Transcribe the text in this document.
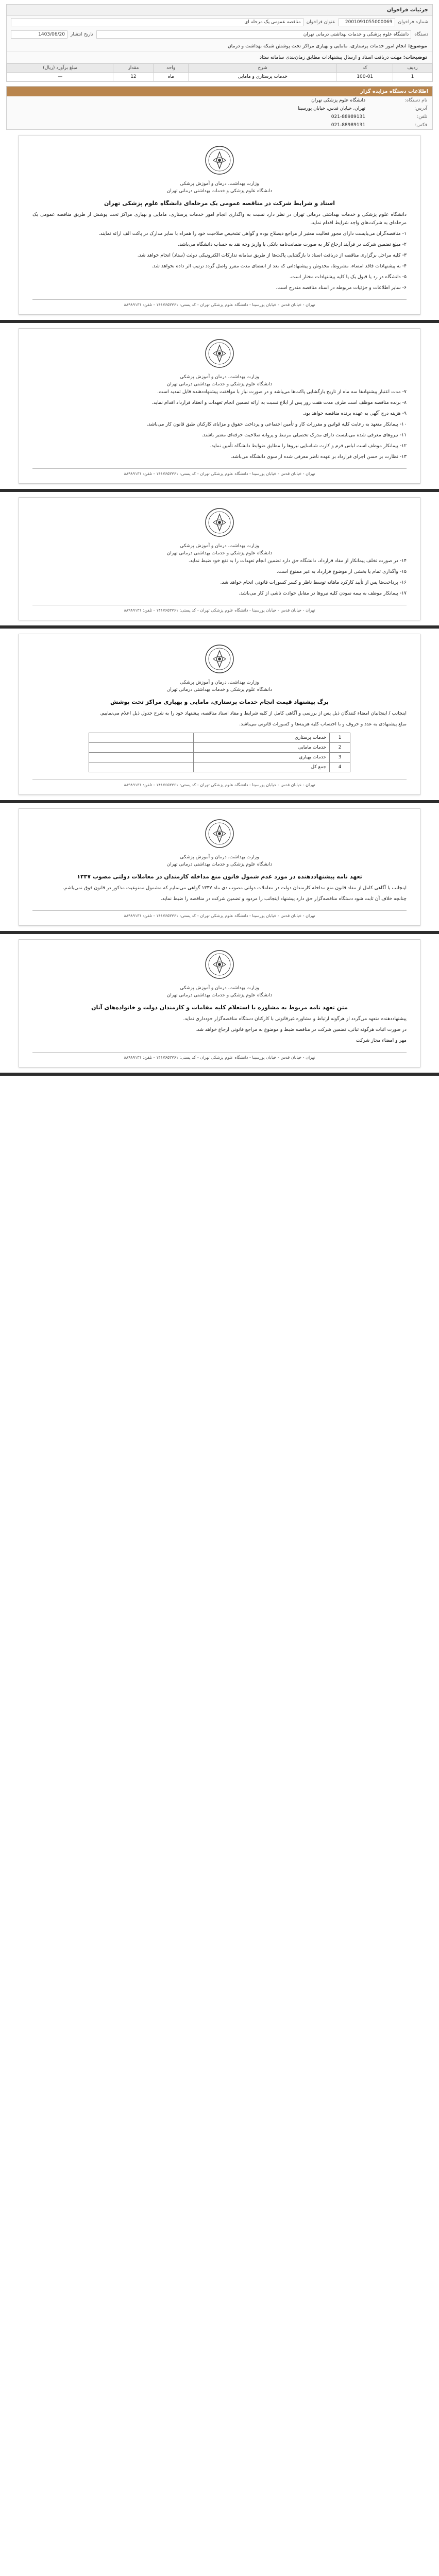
جزئیات فراخوان
شماره فراخوان
2001091055000069
عنوان فراخوان
مناقصه عمومی یک مرحله ای
دستگاه
دانشگاه علوم پزشکی و خدمات بهداشتی درمانی تهران
تاریخ انتشار
1403/06/20
موضوع: انجام امور خدمات پرستاری، مامایی و بهیاری مراکز تحت پوشش شبکه بهداشت و درمان
توضیحات: مهلت دریافت اسناد و ارسال پیشنهادات مطابق زمان‌بندی سامانه ستاد
ردیف	کد	شرح	واحد	مقدار	مبلغ برآورد (ریال)
1	100-01	خدمات پرستاری و مامایی	ماه	12	—
اطلاعات دستگاه مزایده گزار
نام دستگاه:
دانشگاه علوم پزشکی تهران
آدرس:
تهران، خیابان قدس، خیابان پورسینا
تلفن:
021-88989131
فکس:
021-88989131
وزارت بهداشت، درمان و آموزش پزشکی
دانشگاه علوم پزشکی و خدمات بهداشتی درمانی تهران
اسناد و شرایط شرکت در مناقصه عمومی یک مرحله‌ای دانشگاه علوم پزشکی تهران

دانشگاه علوم پزشکی و خدمات بهداشتی درمانی تهران در نظر دارد نسبت به واگذاری انجام امور خدمات پرستاری، مامایی و بهیاری مراکز تحت پوشش از طریق مناقصه عمومی یک مرحله‌ای به شرکت‌های واجد شرایط اقدام نماید.

۱- مناقصه‌گران می‌بایست دارای مجوز فعالیت معتبر از مراجع ذیصلاح بوده و گواهی تشخیص صلاحیت خود را همراه با سایر مدارک در پاکت الف ارائه نمایند.

۲- مبلغ تضمین شرکت در فرآیند ارجاع کار به صورت ضمانت‌نامه بانکی یا واریز وجه نقد به حساب دانشگاه می‌باشد.

۳- کلیه مراحل برگزاری مناقصه از دریافت اسناد تا بازگشایی پاکت‌ها از طریق سامانه تدارکات الکترونیکی دولت (ستاد) انجام خواهد شد.

۴- به پیشنهادات فاقد امضاء، مشروط، مخدوش و پیشنهاداتی که بعد از انقضای مدت مقرر واصل گردد ترتیب اثر داده نخواهد شد.

۵- دانشگاه در رد یا قبول یک یا کلیه پیشنهادات مختار است.

۶- سایر اطلاعات و جزئیات مربوطه در اسناد مناقصه مندرج است.

تهران - خیابان قدس - خیابان پورسینا - دانشگاه علوم پزشکی تهران - کد پستی: ۱۴۱۷۶۵۳۷۶۱ - تلفن: ۸۸۹۸۹۱۳۱
وزارت بهداشت، درمان و آموزش پزشکی
دانشگاه علوم پزشکی و خدمات بهداشتی درمانی تهران

۷- مدت اعتبار پیشنهادها سه ماه از تاریخ بازگشایی پاکت‌ها می‌باشد و در صورت نیاز با موافقت پیشنهاددهنده قابل تمدید است.

۸- برنده مناقصه موظف است ظرف مدت هفت روز پس از ابلاغ نسبت به ارائه تضمین انجام تعهدات و انعقاد قرارداد اقدام نماید.

۹- هزینه درج آگهی به عهده برنده مناقصه خواهد بود.

۱۰- پیمانکار متعهد به رعایت کلیه قوانین و مقررات کار و تأمین اجتماعی و پرداخت حقوق و مزایای کارکنان طبق قانون کار می‌باشد.

۱۱- نیروهای معرفی شده می‌بایست دارای مدرک تحصیلی مرتبط و پروانه صلاحیت حرفه‌ای معتبر باشند.

۱۲- پیمانکار موظف است لباس فرم و کارت شناسایی نیروها را مطابق ضوابط دانشگاه تأمین نماید.

۱۳- نظارت بر حسن اجرای قرارداد بر عهده ناظر معرفی شده از سوی دانشگاه می‌باشد.

تهران - خیابان قدس - خیابان پورسینا - دانشگاه علوم پزشکی تهران - کد پستی: ۱۴۱۷۶۵۳۷۶۱ - تلفن: ۸۸۹۸۹۱۳۱
وزارت بهداشت، درمان و آموزش پزشکی
دانشگاه علوم پزشکی و خدمات بهداشتی درمانی تهران

۱۴- در صورت تخلف پیمانکار از مفاد قرارداد، دانشگاه حق دارد تضمین انجام تعهدات را به نفع خود ضبط نماید.

۱۵- واگذاری تمام یا بخشی از موضوع قرارداد به غیر ممنوع است.

۱۶- پرداخت‌ها پس از تأیید کارکرد ماهانه توسط ناظر و کسر کسورات قانونی انجام خواهد شد.

۱۷- پیمانکار موظف به بیمه نمودن کلیه نیروها در مقابل حوادث ناشی از کار می‌باشد.

تهران - خیابان قدس - خیابان پورسینا - دانشگاه علوم پزشکی تهران - کد پستی: ۱۴۱۷۶۵۳۷۶۱ - تلفن: ۸۸۹۸۹۱۳۱
وزارت بهداشت، درمان و آموزش پزشکی
دانشگاه علوم پزشکی و خدمات بهداشتی درمانی تهران
برگ پیشنهاد قیمت انجام خدمات پرستاری، مامایی و بهیاری مراکز تحت پوشش

اینجانب / اینجانبان امضاء کنندگان ذیل پس از بررسی و آگاهی کامل از کلیه شرایط و مفاد اسناد مناقصه، پیشنهاد خود را به شرح جدول ذیل اعلام می‌نماییم.

مبلغ پیشنهادی به عدد و حروف و با احتساب کلیه هزینه‌ها و کسورات قانونی می‌باشد.

1	خدمات پرستاری	
2	خدمات مامایی	
3	خدمات بهیاری	
4	جمع کل	
تهران - خیابان قدس - خیابان پورسینا - دانشگاه علوم پزشکی تهران - کد پستی: ۱۴۱۷۶۵۳۷۶۱ - تلفن: ۸۸۹۸۹۱۳۱
وزارت بهداشت، درمان و آموزش پزشکی
دانشگاه علوم پزشکی و خدمات بهداشتی درمانی تهران
تعهد نامه پیشنهاددهنده در مورد عدم شمول قانون منع مداخله کارمندان در معاملات دولتی مصوب ۱۳۳۷

اینجانب با آگاهی کامل از مفاد قانون منع مداخله کارمندان دولت در معاملات دولتی مصوب دی ماه ۱۳۳۷ گواهی می‌نمایم که مشمول ممنوعیت مذکور در قانون فوق نمی‌باشم.

چنانچه خلاف آن ثابت شود دستگاه مناقصه‌گزار حق دارد پیشنهاد اینجانب را مردود و تضمین شرکت در مناقصه را ضبط نماید.

تهران - خیابان قدس - خیابان پورسینا - دانشگاه علوم پزشکی تهران - کد پستی: ۱۴۱۷۶۵۳۷۶۱ - تلفن: ۸۸۹۸۹۱۳۱
وزارت بهداشت، درمان و آموزش پزشکی
دانشگاه علوم پزشکی و خدمات بهداشتی درمانی تهران
متن تعهد نامه مربوط به مشاوره با استعلام کلیه مقامات و کارمندان دولت و خانواده‌های آنان

پیشنهاددهنده متعهد می‌گردد از هرگونه ارتباط و مشاوره غیرقانونی با کارکنان دستگاه مناقصه‌گزار خودداری نماید.

در صورت اثبات هرگونه تبانی، تضمین شرکت در مناقصه ضبط و موضوع به مراجع قانونی ارجاع خواهد شد.

مهر و امضاء مجاز شرکت

تهران - خیابان قدس - خیابان پورسینا - دانشگاه علوم پزشکی تهران - کد پستی: ۱۴۱۷۶۵۳۷۶۱ - تلفن: ۸۸۹۸۹۱۳۱
